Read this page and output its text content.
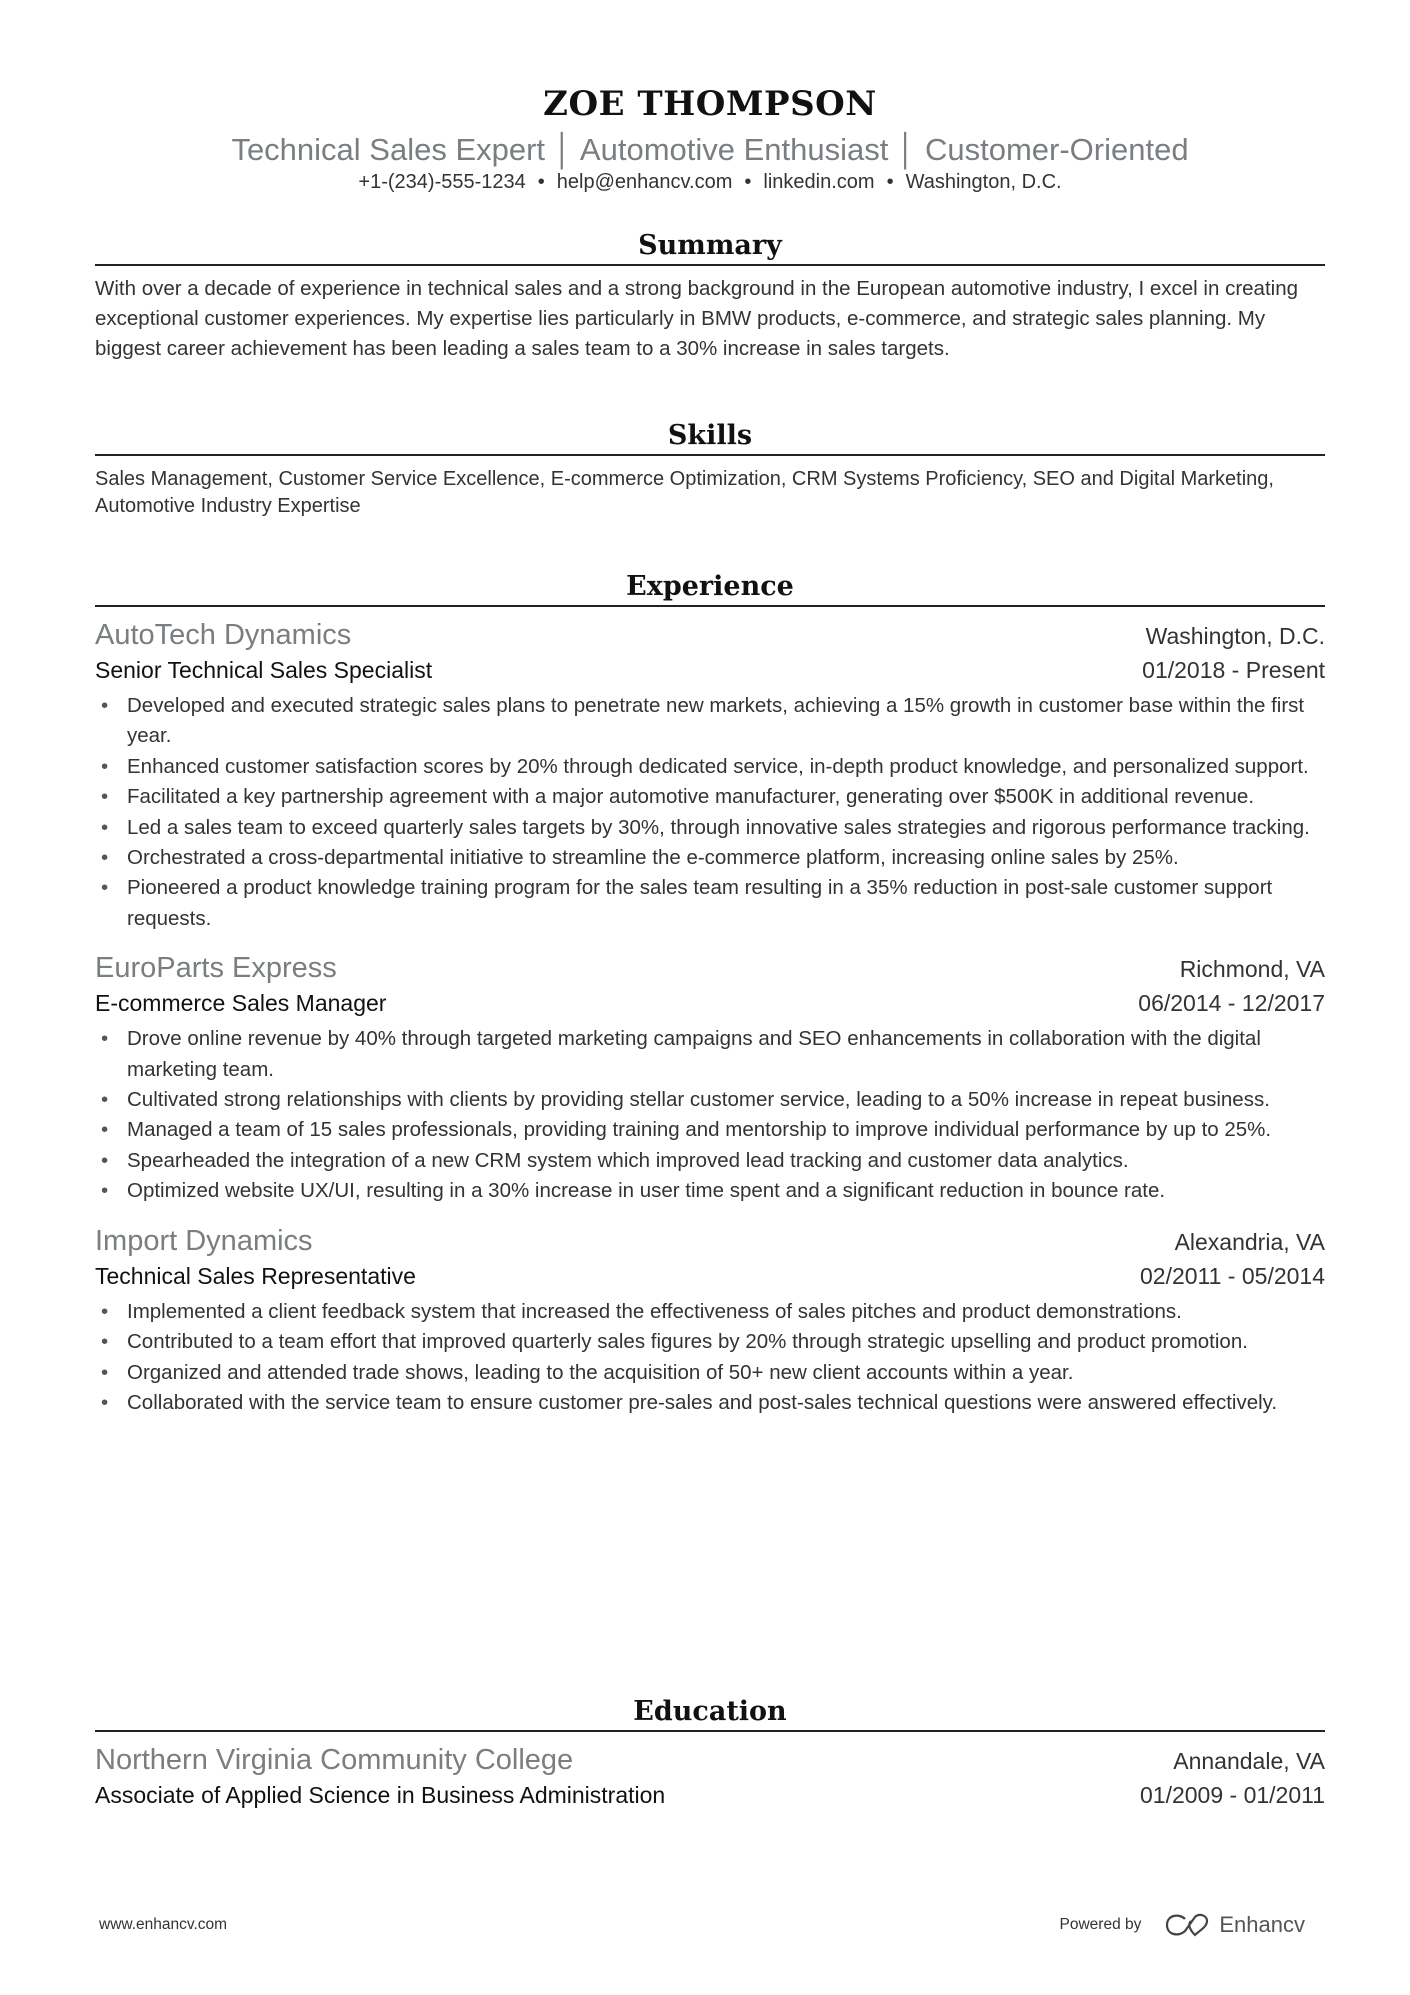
ZOE THOMPSON
Technical Sales Expert │ Automotive Enthusiast │ Customer-Oriented
+1-(234)-555-1234 • help@enhancv.com • linkedin.com • Washington, D.C.
Summary

With over a decade of experience in technical sales and a strong background in the European automotive industry, I excel in creating exceptional customer experiences. My expertise lies particularly in BMW products, e-commerce, and strategic sales planning. My biggest career achievement has been leading a sales team to a 30% increase in sales targets.

Skills

Sales Management, Customer Service Excellence, E-commerce Optimization, CRM Systems Proficiency, SEO and Digital Marketing, Automotive Industry Expertise

Experience
AutoTech Dynamics	Washington, D.C.
Senior Technical Sales Specialist	01/2018 - Present
• Developed and executed strategic sales plans to penetrate new markets, achieving a 15% growth in customer base within the first year.
• Enhanced customer satisfaction scores by 20% through dedicated service, in-depth product knowledge, and personalized support.
• Facilitated a key partnership agreement with a major automotive manufacturer, generating over $500K in additional revenue.
• Led a sales team to exceed quarterly sales targets by 30%, through innovative sales strategies and rigorous performance tracking.
• Orchestrated a cross-departmental initiative to streamline the e-commerce platform, increasing online sales by 25%.
• Pioneered a product knowledge training program for the sales team resulting in a 35% reduction in post-sale customer support requests.
EuroParts Express	Richmond, VA
E-commerce Sales Manager	06/2014 - 12/2017
• Drove online revenue by 40% through targeted marketing campaigns and SEO enhancements in collaboration with the digital marketing team.
• Cultivated strong relationships with clients by providing stellar customer service, leading to a 50% increase in repeat business.
• Managed a team of 15 sales professionals, providing training and mentorship to improve individual performance by up to 25%.
• Spearheaded the integration of a new CRM system which improved lead tracking and customer data analytics.
• Optimized website UX/UI, resulting in a 30% increase in user time spent and a significant reduction in bounce rate.
Import Dynamics	Alexandria, VA
Technical Sales Representative	02/2011 - 05/2014
• Implemented a client feedback system that increased the effectiveness of sales pitches and product demonstrations.
• Contributed to a team effort that improved quarterly sales figures by 20% through strategic upselling and product promotion.
• Organized and attended trade shows, leading to the acquisition of 50+ new client accounts within a year.
• Collaborated with the service team to ensure customer pre-sales and post-sales technical questions were answered effectively.
Education
Northern Virginia Community College	Annandale, VA
Associate of Applied Science in Business Administration	01/2009 - 01/2011
www.enhancv.com	Powered by	Enhancv
